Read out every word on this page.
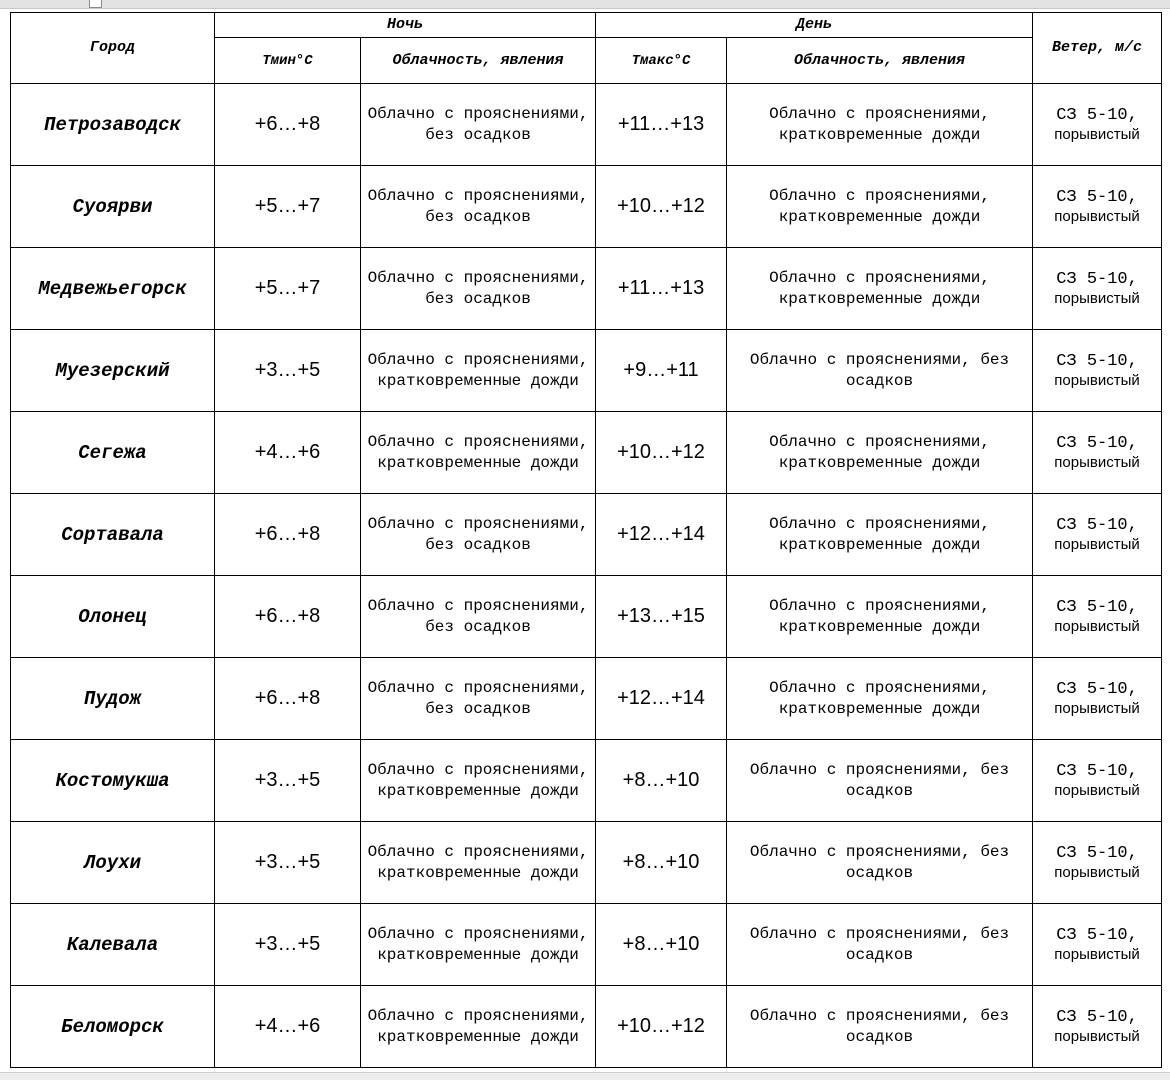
Город	Ночь		День		Ветер, м/с
	Тмин°С	Облачность, явления	Тмакс°С	Облачность, явления	

Петрозаводск	+6…+8	Облачно с прояснениями, без осадков	+11…+13	Облачно с прояснениями, кратковременные дожди	СЗ 5-10,
порывистый

Суоярви	+5…+7	Облачно с прояснениями, без осадков	+10…+12	Облачно с прояснениями, кратковременные дожди	СЗ 5-10,
порывистый

Медвежьегорск	+5…+7	Облачно с прояснениями, без осадков	+11…+13	Облачно с прояснениями, кратковременные дожди	СЗ 5-10,
порывистый

Муезерский	+3…+5	Облачно с прояснениями, кратковременные дожди	+9…+11	Облачно с прояснениями, без осадков	СЗ 5-10,
порывистый

Сегежа	+4…+6	Облачно с прояснениями, кратковременные дожди	+10…+12	Облачно с прояснениями, кратковременные дожди	СЗ 5-10,
порывистый

Сортавала	+6…+8	Облачно с прояснениями, без осадков	+12…+14	Облачно с прояснениями, кратковременные дожди	СЗ 5-10,
порывистый

Олонец	+6…+8	Облачно с прояснениями, без осадков	+13…+15	Облачно с прояснениями, кратковременные дожди	СЗ 5-10,
порывистый

Пудож	+6…+8	Облачно с прояснениями, без осадков	+12…+14	Облачно с прояснениями, кратковременные дожди	СЗ 5-10,
порывистый

Костомукша	+3…+5	Облачно с прояснениями, кратковременные дожди	+8…+10	Облачно с прояснениями, без осадков	СЗ 5-10,
порывистый

Лоухи	+3…+5	Облачно с прояснениями, кратковременные дожди	+8…+10	Облачно с прояснениями, без осадков	СЗ 5-10,
порывистый

Калевала	+3…+5	Облачно с прояснениями, кратковременные дожди	+8…+10	Облачно с прояснениями, без осадков	СЗ 5-10,
порывистый

Беломорск	+4…+6	Облачно с прояснениями, кратковременные дожди	+10…+12	Облачно с прояснениями, без осадков	СЗ 5-10,
порывистый
